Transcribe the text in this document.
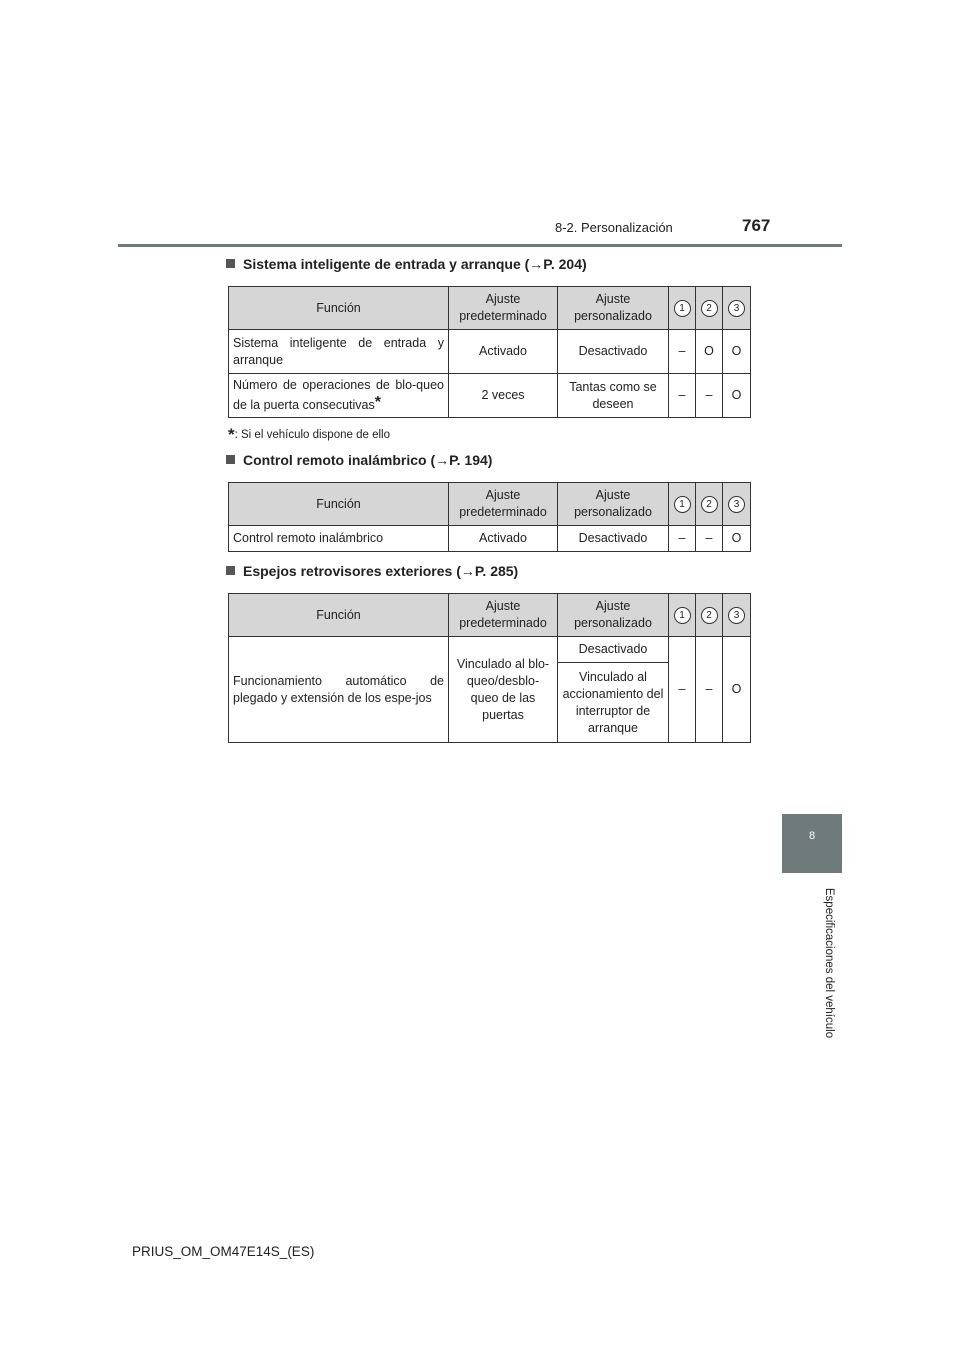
8-2. Personalización	767
8
Especificaciones del vehículo
Sistema inteligente de entrada y arranque (→P. 204)
Función	Ajuste predeterminado	Ajuste personalizado	1	2	3
Sistema inteligente de entrada y arranque	Activado	Desactivado	–	O	O
Número de operaciones de blo-queo de la puerta consecutivas*	2 veces	Tantas como se deseen	–	–	O
*: Si el vehículo dispone de ello
Control remoto inalámbrico (→P. 194)
Función	Ajuste predeterminado	Ajuste personalizado	1	2	3
Control remoto inalámbrico	Activado	Desactivado	–	–	O
Espejos retrovisores exteriores (→P. 285)
Función	Ajuste predeterminado	Ajuste personalizado	1	2	3
Funcionamiento automático de plegado y extensión de los espe-jos	Vinculado al blo-queo/desblo-queo de las puertas	Desactivado	–	–	O
		Vinculado al accionamiento del interruptor de arranque			
PRIUS_OM_OM47E14S_(ES)
